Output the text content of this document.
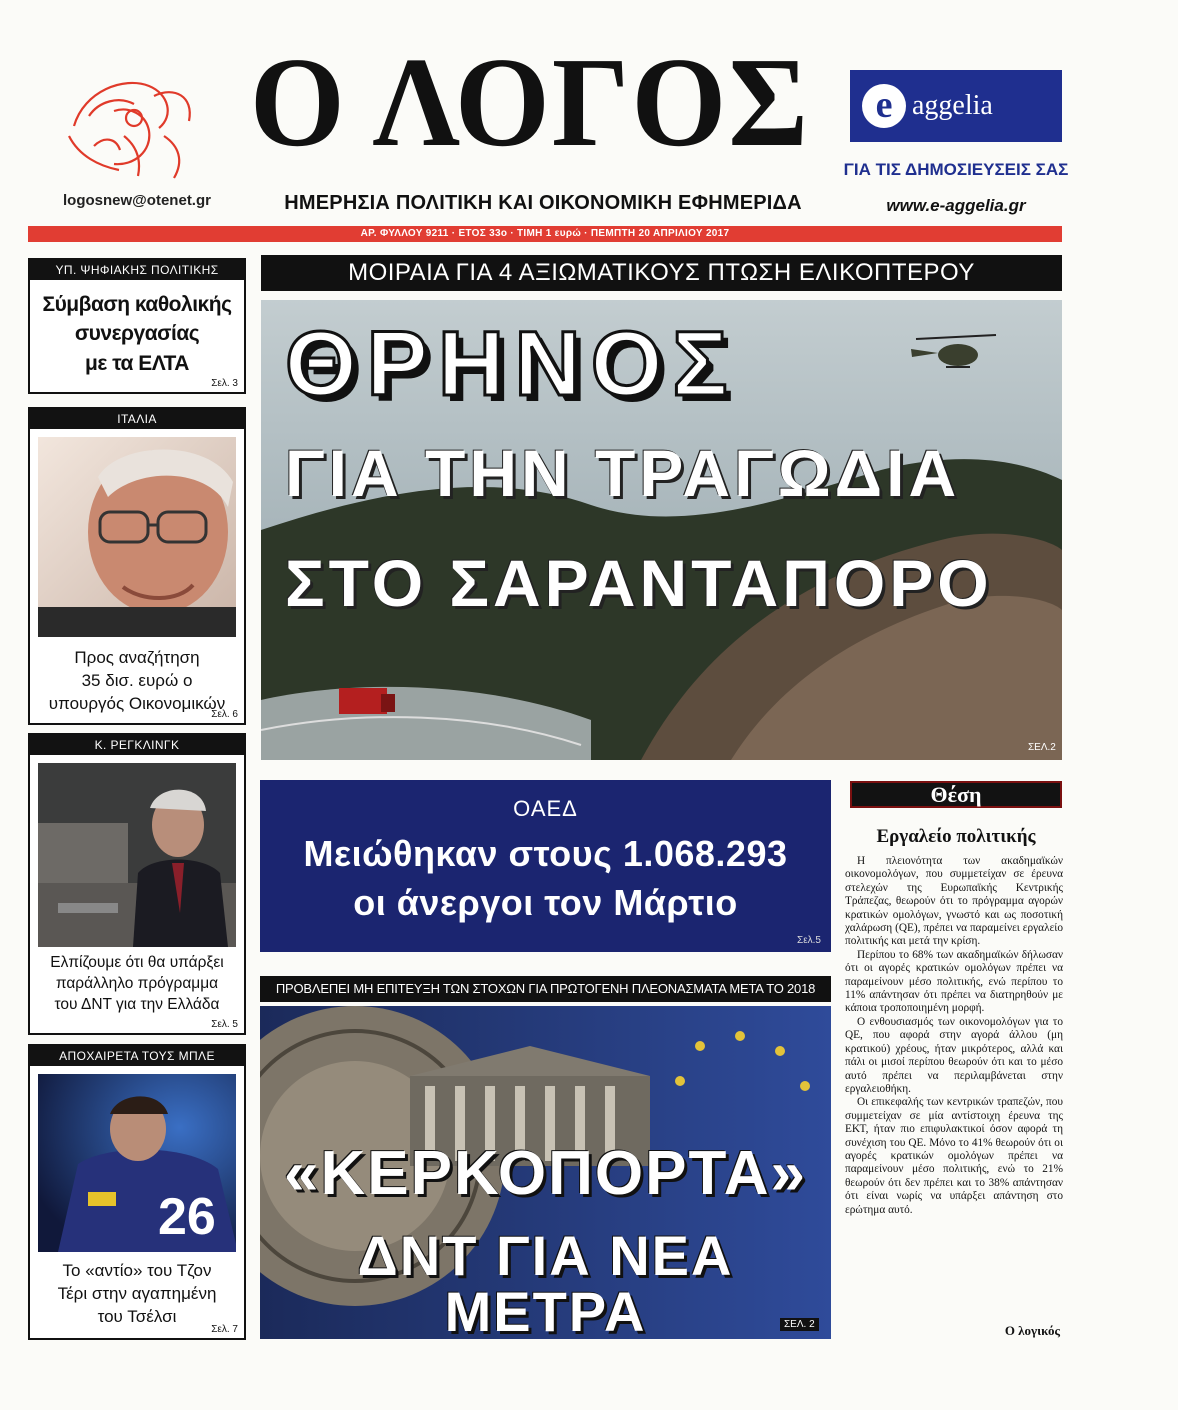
logosnew@otenet.gr
Ο ΛΟΓΟΣ
ΗΜΕΡΗΣΙΑ ΠΟΛΙΤΙΚΗ ΚΑΙ ΟΙΚΟΝΟΜΙΚΗ ΕΦΗΜΕΡΙΔΑ
e aggelia
ΓΙΑ ΤΙΣ ΔΗΜΟΣΙΕΥΣΕΙΣ ΣΑΣ
www.e-aggelia.gr
ΑΡ. ΦΥΛΛΟΥ 9211 · ΕΤΟΣ 33ο · ΤΙΜΗ 1 ευρώ · ΠΕΜΠΤΗ 20 ΑΠΡΙΛΙΟΥ 2017
ΥΠ. ΨΗΦΙΑΚΗΣ ΠΟΛΙΤΙΚΗΣ
Σύμβαση καθολικής
συνεργασίας
με τα ΕΛΤΑ
Σελ. 3
ΙΤΑΛΙΑ
Προς αναζήτηση
35 δισ. ευρώ ο
υπουργός Οικονομικών
Σελ. 6
Κ. ΡΕΓΚΛΙΝΓΚ
Ελπίζουμε ότι θα υπάρξει
παράλληλο πρόγραμμα
του ΔΝΤ για την Ελλάδα
Σελ. 5
ΑΠΟΧΑΙΡΕΤΑ ΤΟΥΣ ΜΠΛΕ
26
Το «αντίο» του Τζον
Τέρι στην αγαπημένη
του Τσέλσι
Σελ. 7
ΜΟΙΡΑΙΑ ΓΙΑ 4 ΑΞΙΩΜΑΤΙΚΟΥΣ ΠΤΩΣΗ ΕΛΙΚΟΠΤΕΡΟΥ
ΘΡΗΝΟΣ
ΓΙΑ ΤΗΝ ΤΡΑΓΩΔΙΑ
ΣΤΟ ΣΑΡΑΝΤΑΠΟΡΟ
ΣΕΛ.2
ΟΑΕΔ
Μειώθηκαν στους 1.068.293
οι άνεργοι τον Μάρτιο
Σελ.5
ΠΡΟΒΛΕΠΕΙ ΜΗ ΕΠΙΤΕΥΞΗ ΤΩΝ ΣΤΟΧΩΝ ΓΙΑ ΠΡΩΤΟΓΕΝΗ ΠΛΕΟΝΑΣΜΑΤΑ ΜΕΤΑ ΤΟ 2018
«ΚΕΡΚΟΠΟΡΤΑ»
ΔΝΤ ΓΙΑ ΝΕΑ ΜΕΤΡΑ	ΣΕΛ. 2
Θέση
Εργαλείο πολιτικής

Η πλειονότητα των ακαδημαϊκών οικονομολόγων, που συμμετείχαν σε έρευνα στελεχών της Ευρωπαϊκής Κεντρικής Τράπεζας, θεωρούν ότι το πρόγραμμα αγορών κρατικών ομολόγων, γνωστό και ως ποσοτική χαλάρωση (QE), πρέπει να παραμείνει εργαλείο πολιτικής και μετά την κρίση.

Περίπου το 68% των ακαδημαϊκών δήλωσαν ότι οι αγορές κρατικών ομολόγων πρέπει να παραμείνουν μέσο πολιτικής, ενώ περίπου το 11% απάντησαν ότι πρέπει να διατηρηθούν με κάποια τροποποιημένη μορφή.

Ο ενθουσιασμός των οικονομολόγων για το QE, που αφορά στην αγορά άλλου (μη κρατικού) χρέους, ήταν μικρότερος, αλλά και πάλι οι μισοί περίπου θεωρούν ότι και το μέσο αυτό πρέπει να περιλαμβάνεται στην εργαλειοθήκη.

Οι επικεφαλής των κεντρικών τραπεζών, που συμμετείχαν σε μία αντίστοιχη έρευνα της ΕΚΤ, ήταν πιο επιφυλακτικοί όσον αφορά τη συνέχιση του QE. Μόνο το 41% θεωρούν ότι οι αγορές κρατικών ομολόγων πρέπει να παραμείνουν μέσο πολιτικής, ενώ το 21% θεωρούν ότι δεν πρέπει και το 38% απάντησαν ότι είναι νωρίς να υπάρξει απάντηση στο ερώτημα αυτό.

Ο λογικός
